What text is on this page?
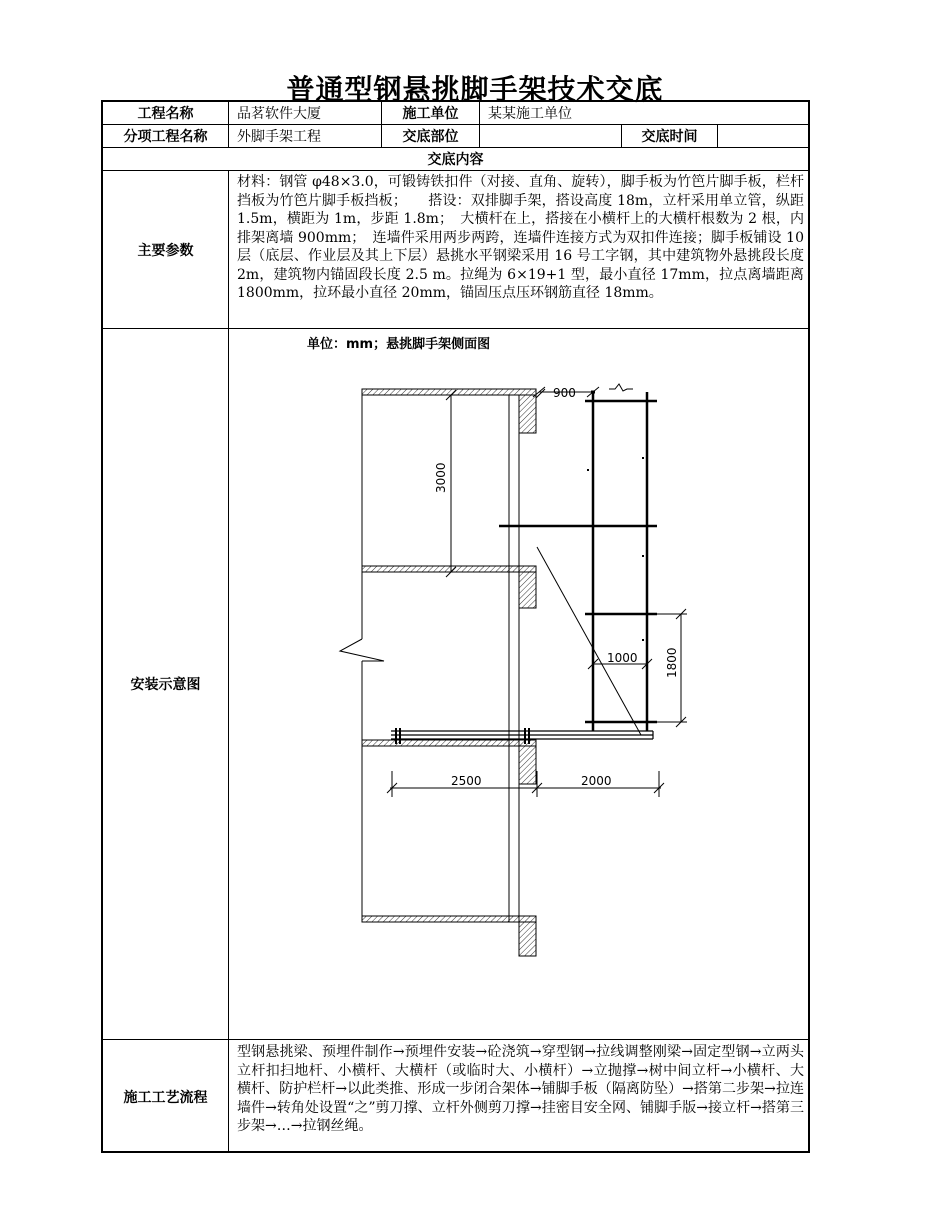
普通型钢悬挑脚手架技术交底
工程名称	品茗软件大厦	施工单位	某某施工单位
分项工程名称	外脚手架工程	交底部位	交底时间
交底内容
主要参数
材料：钢管 φ48×3.0，可锻铸铁扣件（对接、直角、旋转），脚手板为竹笆片脚手板，栏杆挡板为竹笆片脚手板挡板；　　搭设：双排脚手架，搭设高度 18m，立杆采用单立管，纵距 1.5m，横距为 1m，步距 1.8m；　大横杆在上，搭接在小横杆上的大横杆根数为 2 根，内排架离墙 900mm；　连墙件采用两步两跨，连墙件连接方式为双扣件连接；脚手板铺设 10 层（底层、作业层及其上下层）悬挑水平钢梁采用 16 号工字钢，其中建筑物外悬挑段长度 2m，建筑物内锚固段长度 2.5 m。拉绳为 6×19+1 型，最小直径 17mm，拉点离墙距离 1800mm，拉环最小直径 20mm，锚固压点压环钢筋直径 18mm。
安装示意图
单位：mm；悬挑脚手架侧面图
900
3000
1000 1800
2500	2000
施工工艺流程
型钢悬挑梁、预埋件制作→预埋件安装→砼浇筑→穿型钢→拉线调整刚梁→固定型钢→立两头立杆扣扫地杆、小横杆、大横杆（或临时大、小横杆）→立抛撑→树中间立杆→小横杆、大横杆、防护栏杆→以此类推、形成一步闭合架体→铺脚手板（隔离防坠）→搭第二步架→拉连墙件→转角处设置“之”剪刀撑、立杆外侧剪刀撑→挂密目安全网、铺脚手版→接立杆→搭第三步架→…→拉钢丝绳。
